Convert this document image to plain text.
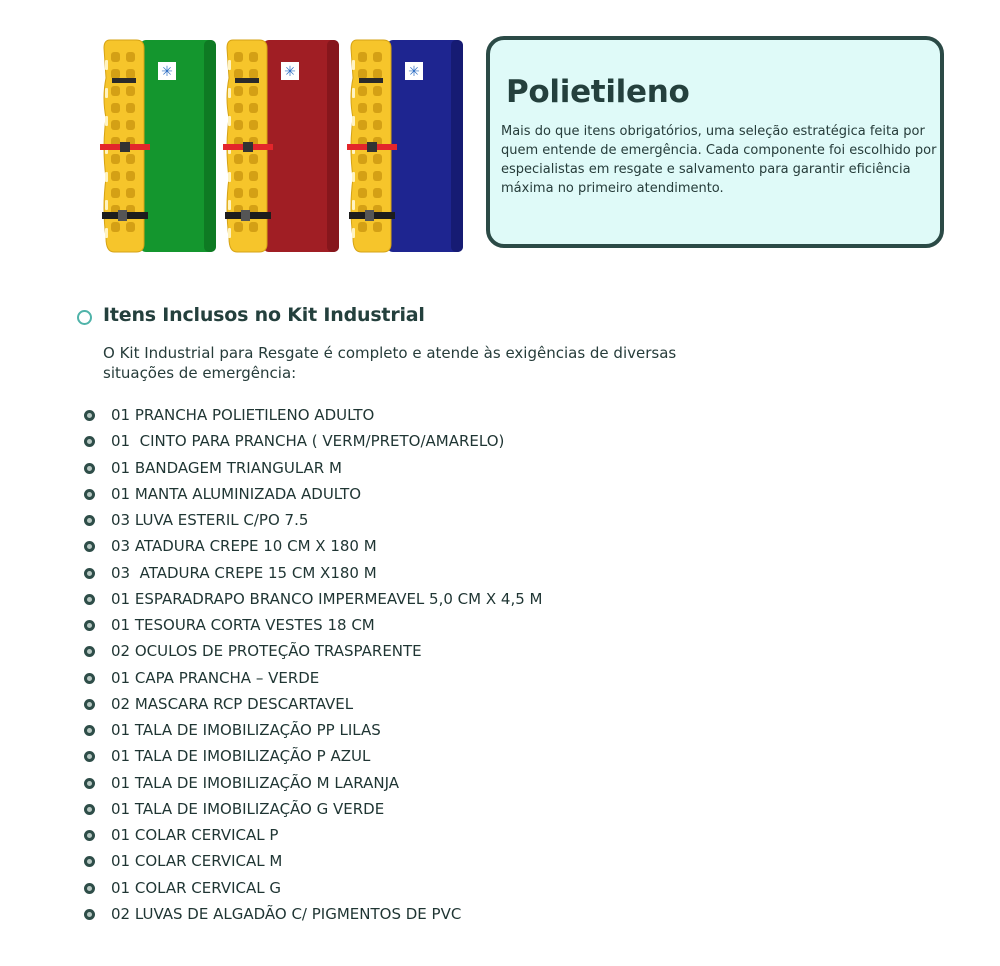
✳	✳	✳
Polietileno

Mais do que itens obrigatórios, uma seleção estratégica feita por quem entende de emergência. Cada componente foi escolhido por especialistas em resgate e salvamento para garantir eficiência máxima no primeiro atendimento.

Itens Inclusos no Kit Industrial

O Kit Industrial para Resgate é completo e atende às exigências de diversas situações de emergência:

01 PRANCHA POLIETILENO ADULTO
01  CINTO PARA PRANCHA ( VERM/PRETO/AMARELO)
01 BANDAGEM TRIANGULAR M
01 MANTA ALUMINIZADA ADULTO
03 LUVA ESTERIL C/PO 7.5
03 ATADURA CREPE 10 CM X 180 M
03  ATADURA CREPE 15 CM X180 M
01 ESPARADRAPO BRANCO IMPERMEAVEL 5,0 CM X 4,5 M
01 TESOURA CORTA VESTES 18 CM
02 OCULOS DE PROTEÇÃO TRASPARENTE
01 CAPA PRANCHA – VERDE
02 MASCARA RCP DESCARTAVEL
01 TALA DE IMOBILIZAÇÃO PP LILAS
01 TALA DE IMOBILIZAÇÃO P AZUL
01 TALA DE IMOBILIZAÇÃO M LARANJA
01 TALA DE IMOBILIZAÇÃO G VERDE
01 COLAR CERVICAL P
01 COLAR CERVICAL M
01 COLAR CERVICAL G
02 LUVAS DE ALGADÃO C/ PIGMENTOS DE PVC
